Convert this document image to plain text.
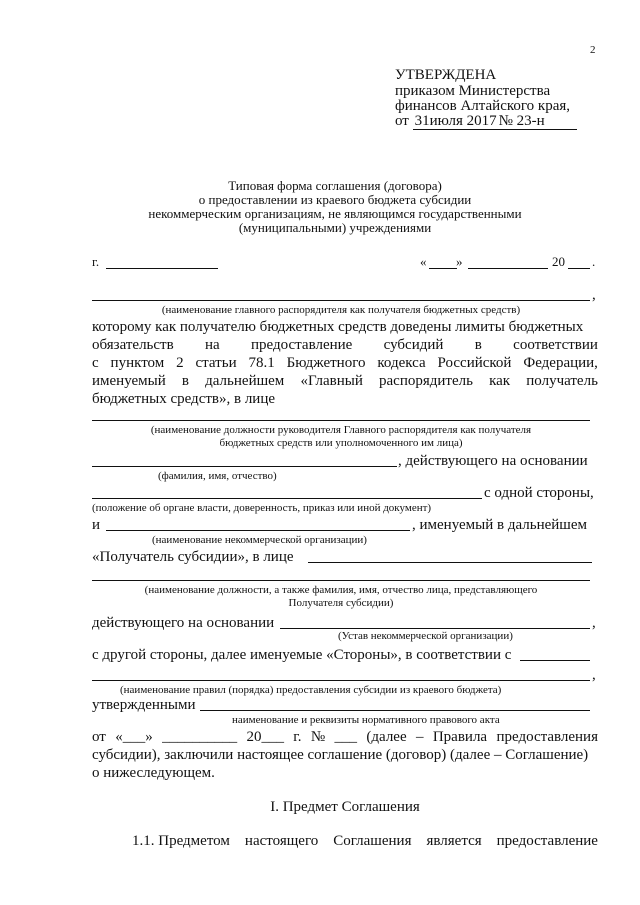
2
УТВЕРЖДЕНА
приказом Министерства
финансов Алтайского края,
от 31июля 2017 № 23-н
Типовая форма соглашения (договора)
о предоставлении из краевого бюджета субсидии
некоммерческим организациям, не являющимся государственными
(муниципальными) учреждениями
г.	« »	20 .
,
(наименование главного распорядителя как получателя бюджетных средств)
которому как получателю бюджетных средств доведены лимиты бюджетных
обязательств на предоставление субсидий в соответствии
с пунктом 2 статьи 78.1 Бюджетного кодекса Российской Федерации,
именуемый в дальнейшем «Главный распорядитель как получатель
бюджетных средств», в лице
(наименование должности руководителя Главного распорядителя как получателя
бюджетных средств или уполномоченного им лица)
, действующего на основании
(фамилия, имя, отчество)
с одной стороны,
(положение об органе власти, доверенность, приказ или иной документ)
и	, именуемый в дальнейшем
(наименование некоммерческой организации)
«Получатель субсидии», в лице
(наименование должности, а также фамилия, имя, отчество лица, представляющего
Получателя субсидии)
действующего на основании	,
(Устав некоммерческой организации)
с другой стороны, далее именуемые «Стороны», в соответствии с
,
(наименование правил (порядка) предоставления субсидии из краевого бюджета)
утвержденными
наименование и реквизиты нормативного правового акта
от «___» __________ 20___ г. № ___ (далее – Правила предоставления
субсидии), заключили настоящее соглашение (договор) (далее – Соглашение)
о нижеследующем.
I. Предмет Соглашения
1.1. Предметом настоящего Соглашения является предоставление
